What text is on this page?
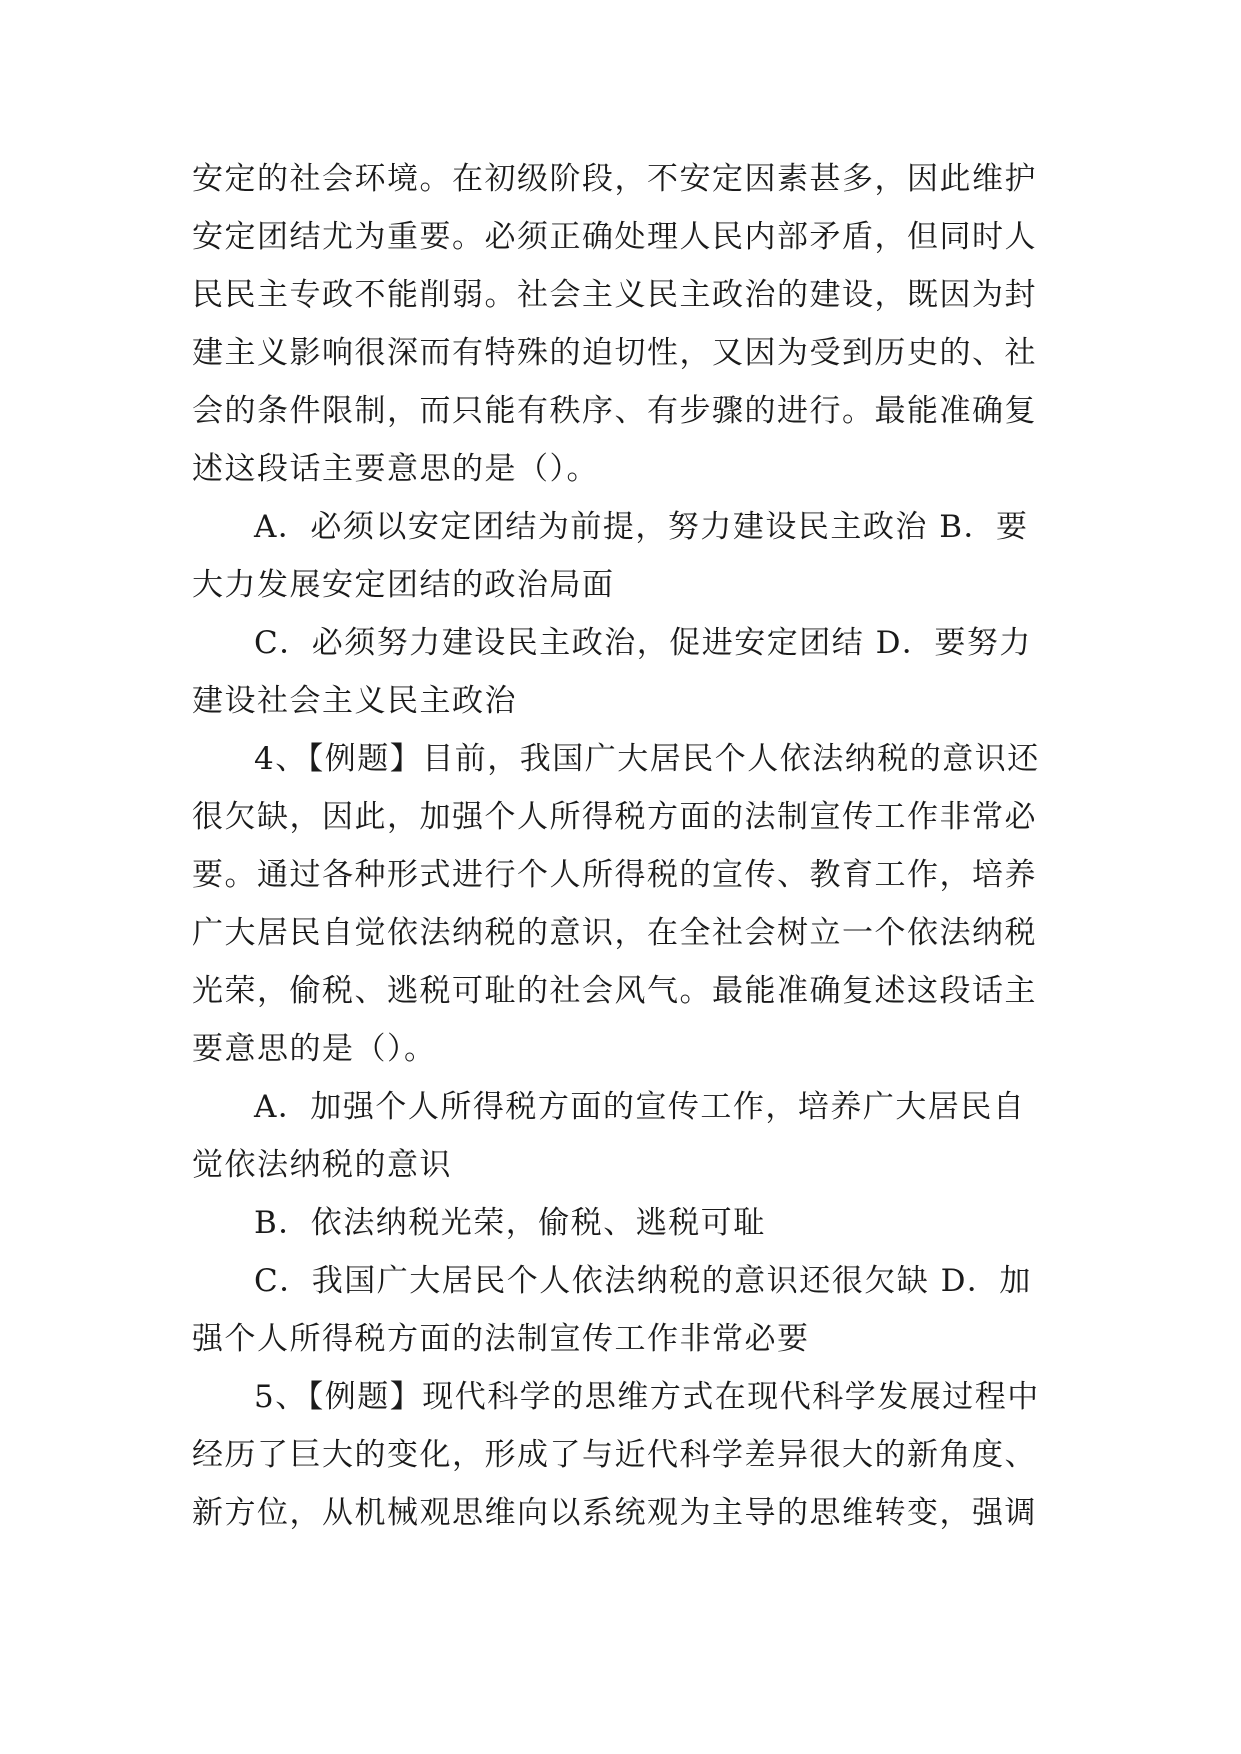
安定的社会环境。在初级阶段，不安定因素甚多，因此维护
安定团结尤为重要。必须正确处理人民内部矛盾，但同时人
民民主专政不能削弱。社会主义民主政治的建设，既因为封
建主义影响很深而有特殊的迫切性，又因为受到历史的、社
会的条件限制，而只能有秩序、有步骤的进行。最能准确复
述这段话主要意思的是（）。
A．必须以安定团结为前提，努力建设民主政治 B．要
大力发展安定团结的政治局面
C．必须努力建设民主政治，促进安定团结 D．要努力
建设社会主义民主政治
4、【例题】目前，我国广大居民个人依法纳税的意识还
很欠缺，因此，加强个人所得税方面的法制宣传工作非常必
要。通过各种形式进行个人所得税的宣传、教育工作，培养
广大居民自觉依法纳税的意识，在全社会树立一个依法纳税
光荣，偷税、逃税可耻的社会风气。最能准确复述这段话主
要意思的是（）。
A．加强个人所得税方面的宣传工作，培养广大居民自
觉依法纳税的意识
B．依法纳税光荣，偷税、逃税可耻
C．我国广大居民个人依法纳税的意识还很欠缺 D．加
强个人所得税方面的法制宣传工作非常必要
5、【例题】现代科学的思维方式在现代科学发展过程中
经历了巨大的变化，形成了与近代科学差异很大的新角度、
新方位，从机械观思维向以系统观为主导的思维转变，强调
